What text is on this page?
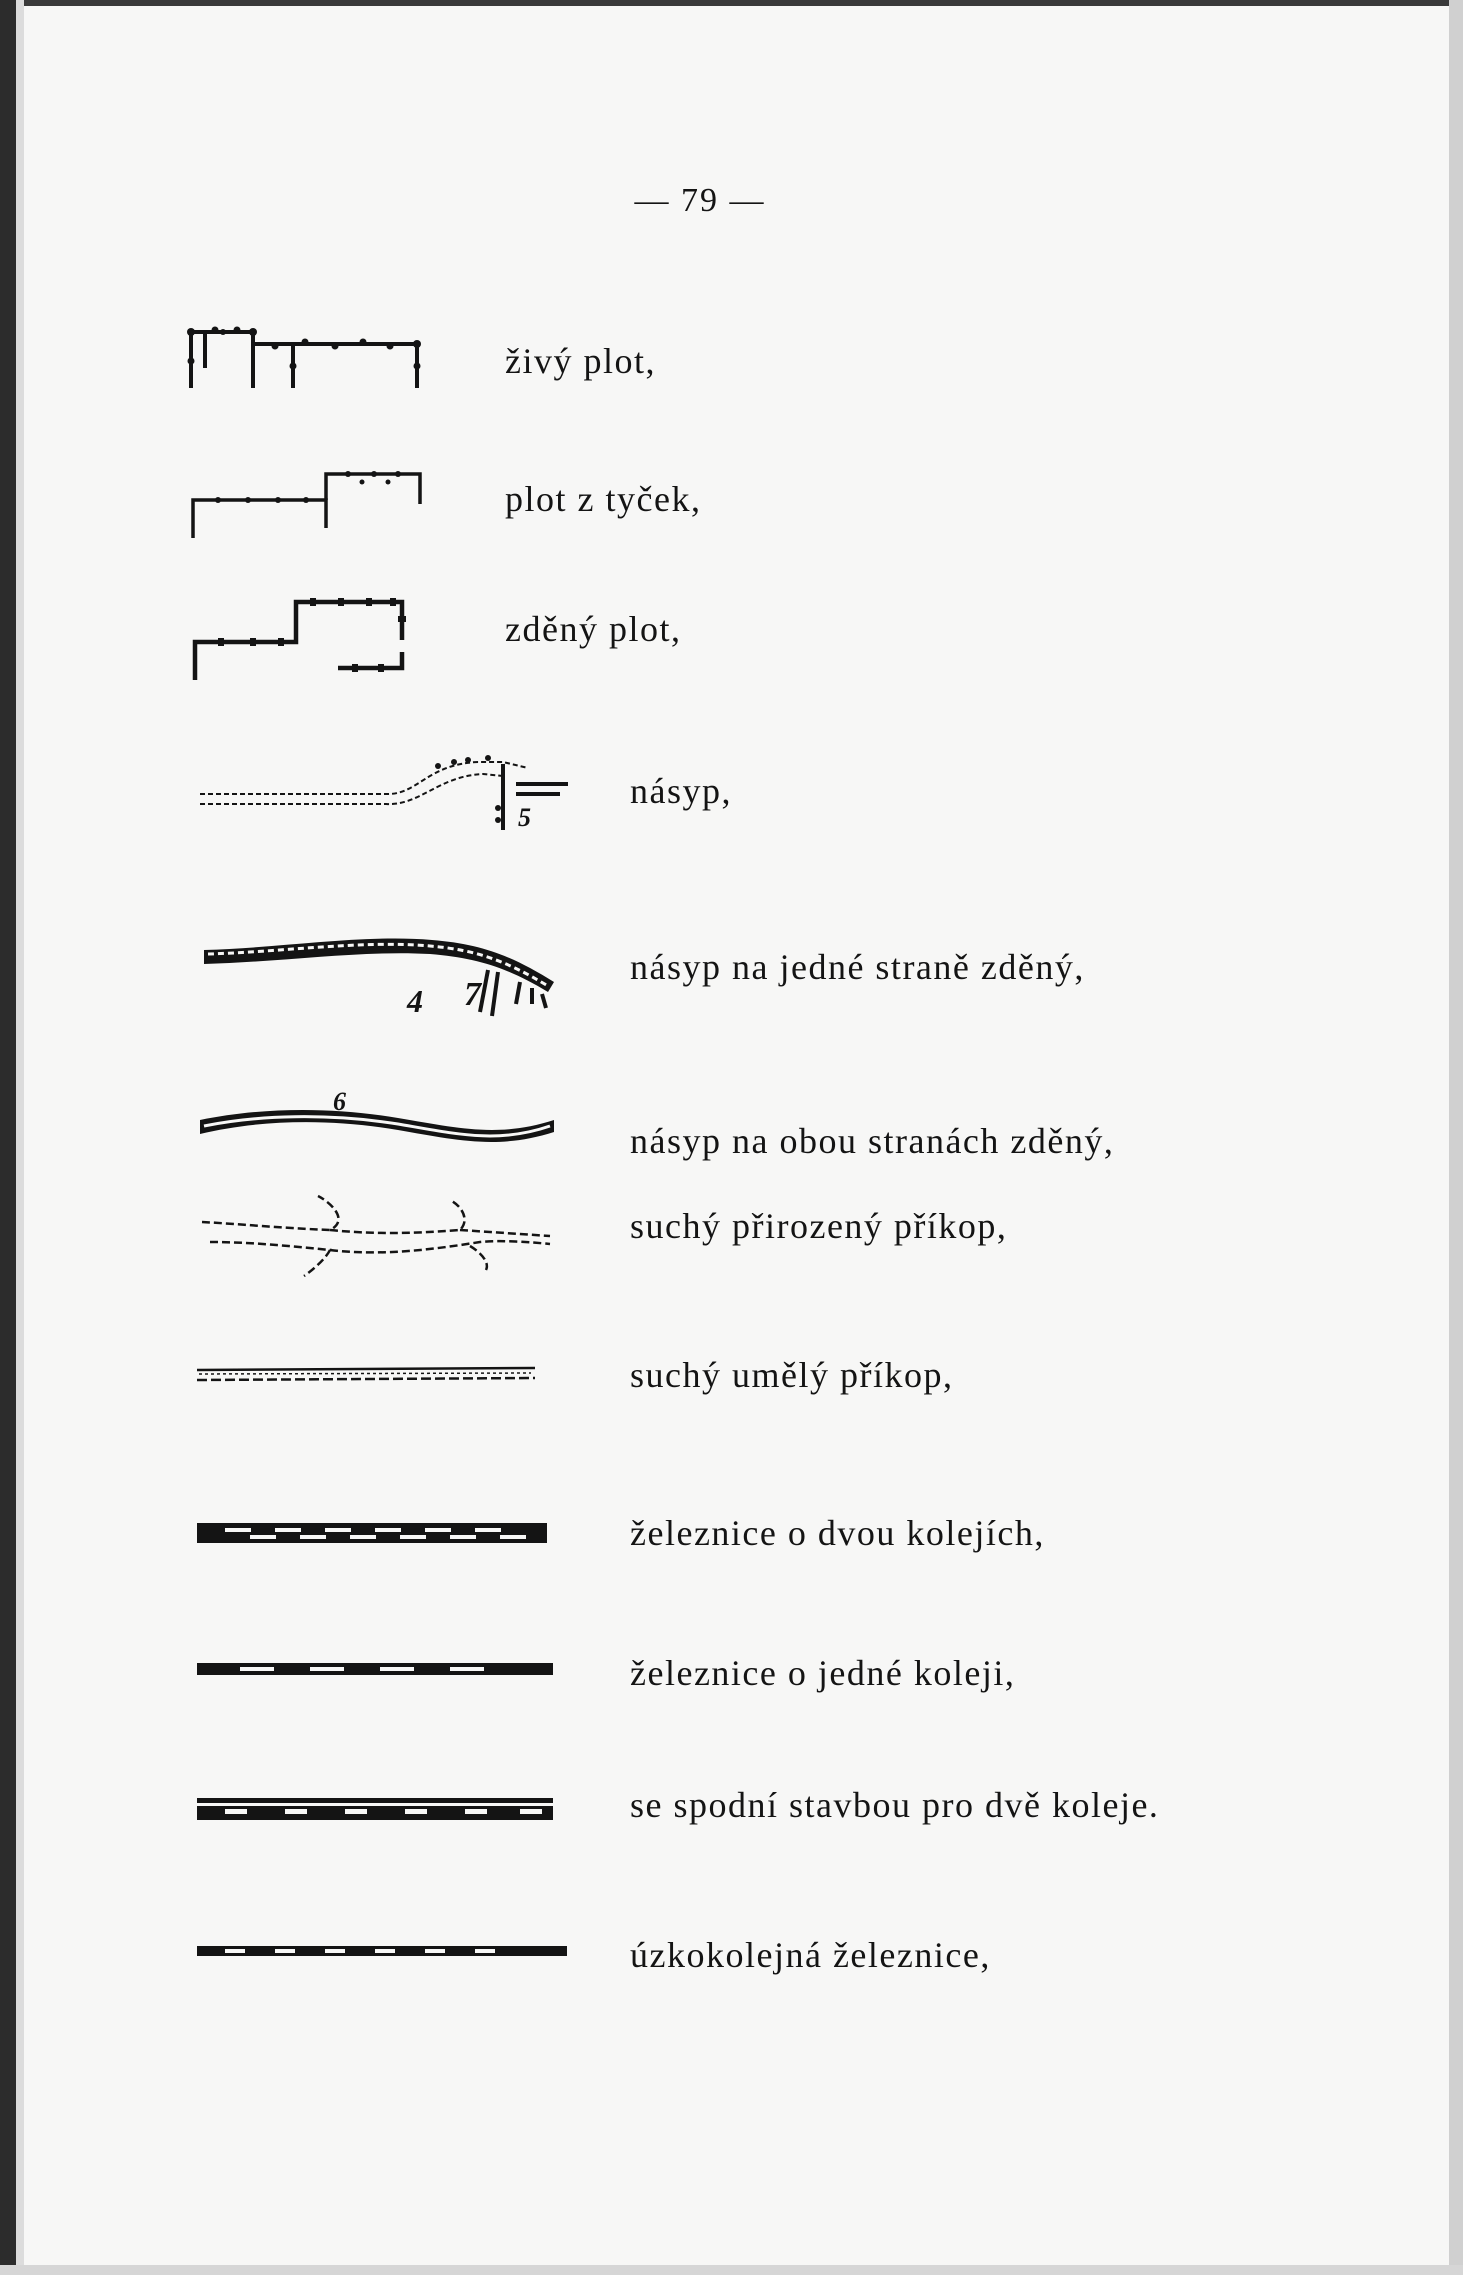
— 79 —
živý plot,
plot z tyček,
zděný plot,
5
násyp,
4 7
násyp na jedné straně zděný,
6
násyp na obou stranách zděný,
suchý přirozený příkop,
suchý umělý příkop,
železnice o dvou kolejích,
železnice o jedné koleji,
se spodní stavbou pro dvě koleje.
úzkokolejná železnice,
